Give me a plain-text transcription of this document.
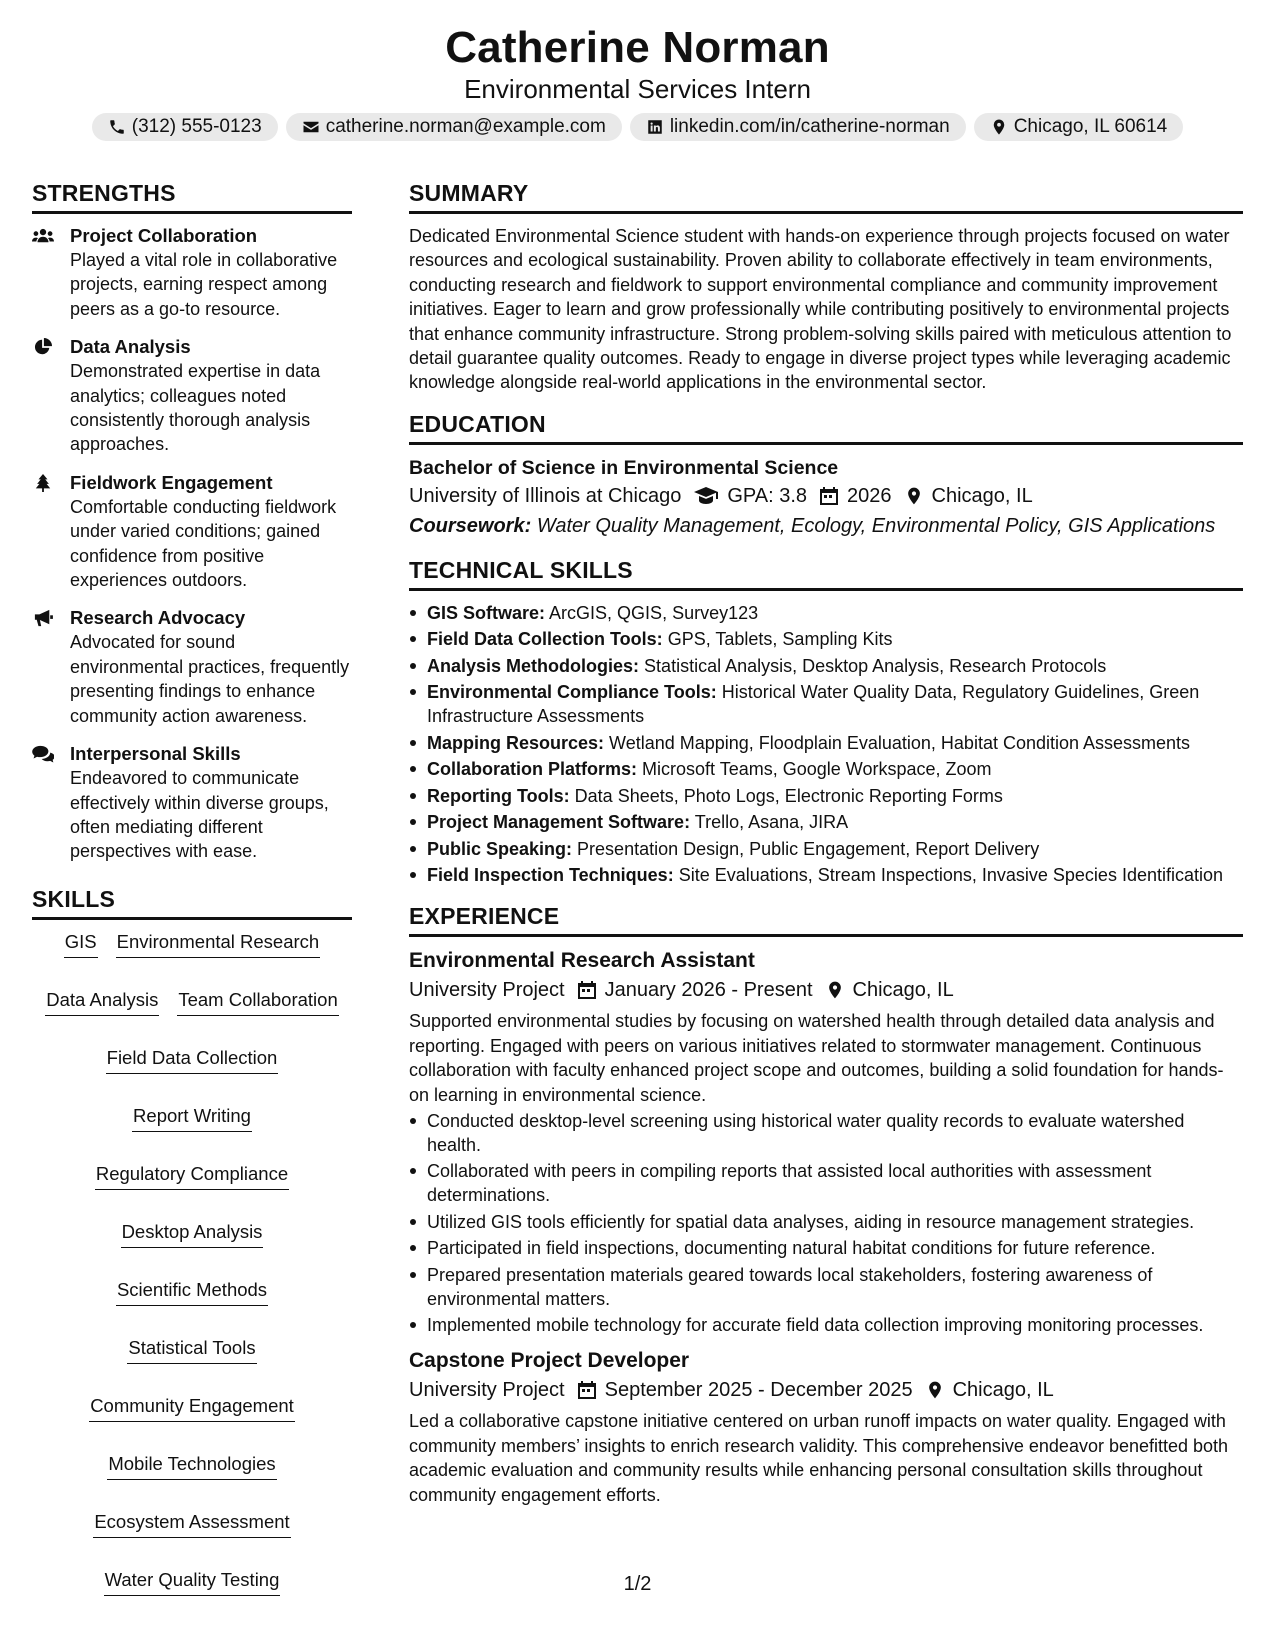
Catherine Norman
Environmental Services Intern
(312) 555-0123	catherine.norman@example.com	linkedin.com/in/catherine-norman	Chicago, IL 60614
STRENGTHS
Project Collaboration
Played a vital role in collaborative projects, earning respect among peers as a go-to resource.
Data Analysis
Demonstrated expertise in data analytics; colleagues noted consistently thorough analysis approaches.
Fieldwork Engagement
Comfortable conducting fieldwork under varied conditions; gained confidence from positive experiences outdoors.
Research Advocacy
Advocated for sound environmental practices, frequently presenting findings to enhance community action awareness.
Interpersonal Skills
Endeavored to communicate effectively within diverse groups, often mediating different perspectives with ease.
SKILLS
GIS Environmental Research
Data Analysis Team Collaboration
Field Data Collection
Report Writing
Regulatory Compliance
Desktop Analysis
Scientific Methods
Statistical Tools
Community Engagement
Mobile Technologies
Ecosystem Assessment
Water Quality Testing
SUMMARY
Dedicated Environmental Science student with hands-on experience through projects focused on water resources and ecological sustainability. Proven ability to collaborate effectively in team environments, conducting research and fieldwork to support environmental compliance and community improvement initiatives. Eager to learn and grow professionally while contributing positively to environmental projects that enhance community infrastructure. Strong problem-solving skills paired with meticulous attention to detail guarantee quality outcomes. Ready to engage in diverse project types while leveraging academic knowledge alongside real-world applications in the environmental sector.
EDUCATION
Bachelor of Science in Environmental Science
University of Illinois at Chicago GPA: 3.8 2026 Chicago, IL
Coursework: Water Quality Management, Ecology, Environmental Policy, GIS Applications
TECHNICAL SKILLS
GIS Software: ArcGIS, QGIS, Survey123
Field Data Collection Tools: GPS, Tablets, Sampling Kits
Analysis Methodologies: Statistical Analysis, Desktop Analysis, Research Protocols
Environmental Compliance Tools: Historical Water Quality Data, Regulatory Guidelines, Green Infrastructure Assessments
Mapping Resources: Wetland Mapping, Floodplain Evaluation, Habitat Condition Assessments
Collaboration Platforms: Microsoft Teams, Google Workspace, Zoom
Reporting Tools: Data Sheets, Photo Logs, Electronic Reporting Forms
Project Management Software: Trello, Asana, JIRA
Public Speaking: Presentation Design, Public Engagement, Report Delivery
Field Inspection Techniques: Site Evaluations, Stream Inspections, Invasive Species Identification
EXPERIENCE
Environmental Research Assistant
University Project January 2026 - Present Chicago, IL
Supported environmental studies by focusing on watershed health through detailed data analysis and reporting. Engaged with peers on various initiatives related to stormwater management. Continuous collaboration with faculty enhanced project scope and outcomes, building a solid foundation for hands-on learning in environmental science.
Conducted desktop-level screening using historical water quality records to evaluate watershed health.
Collaborated with peers in compiling reports that assisted local authorities with assessment determinations.
Utilized GIS tools efficiently for spatial data analyses, aiding in resource management strategies.
Participated in field inspections, documenting natural habitat conditions for future reference.
Prepared presentation materials geared towards local stakeholders, fostering awareness of environmental matters.
Implemented mobile technology for accurate field data collection improving monitoring processes.
Capstone Project Developer
University Project September 2025 - December 2025 Chicago, IL
Led a collaborative capstone initiative centered on urban runoff impacts on water quality. Engaged with community members’ insights to enrich research validity. This comprehensive endeavor benefitted both academic evaluation and community results while enhancing personal consultation skills throughout community engagement efforts.
1/2
